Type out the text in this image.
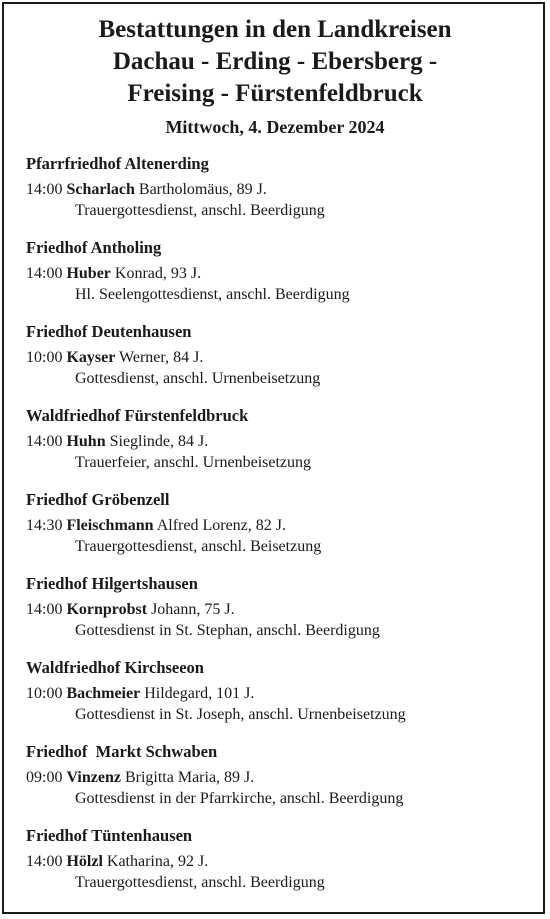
Bestattungen in den Landkreisen
Dachau - Erding - Ebersberg -
Freising - Fürstenfeldbruck
Mittwoch, 4. Dezember 2024
Pfarrfriedhof Altenerding
14:00 Scharlach Bartholomäus, 89 J.
Trauergottesdienst, anschl. Beerdigung
Friedhof Antholing
14:00 Huber Konrad, 93 J.
Hl. Seelengottesdienst, anschl. Beerdigung
Friedhof Deutenhausen
10:00 Kayser Werner, 84 J.
Gottesdienst, anschl. Urnenbeisetzung
Waldfriedhof Fürstenfeldbruck
14:00 Huhn Sieglinde, 84 J.
Trauerfeier, anschl. Urnenbeisetzung
Friedhof Gröbenzell
14:30 Fleischmann Alfred Lorenz, 82 J.
Trauergottesdienst, anschl. Beisetzung
Friedhof Hilgertshausen
14:00 Kornprobst Johann, 75 J.
Gottesdienst in St. Stephan, anschl. Beerdigung
Waldfriedhof Kirchseeon
10:00 Bachmeier Hildegard, 101 J.
Gottesdienst in St. Joseph, anschl. Urnenbeisetzung
Friedhof  Markt Schwaben
09:00 Vinzenz Brigitta Maria, 89 J.
Gottesdienst in der Pfarrkirche, anschl. Beerdigung
Friedhof Tüntenhausen
14:00 Hölzl Katharina, 92 J.
Trauergottesdienst, anschl. Beerdigung
